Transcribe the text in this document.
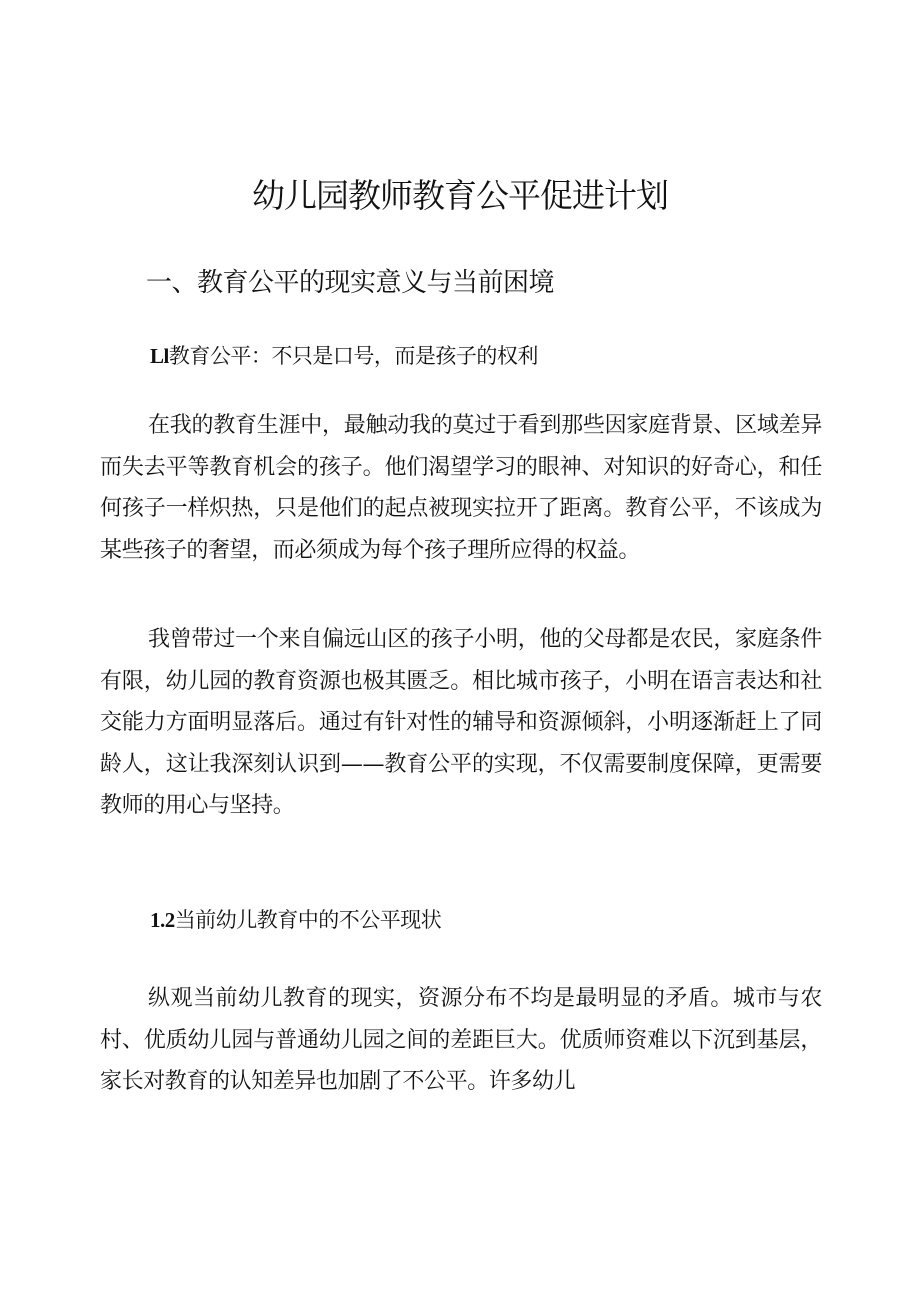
幼儿园教师教育公平促进计划
一、教育公平的现实意义与当前困境
Ll教育公平：不只是口号，而是孩子的权利

在我的教育生涯中，最触动我的莫过于看到那些因家庭背景、区域差异而失去平等教育机会的孩子。他们渴望学习的眼神、对知识的好奇心，和任何孩子一样炽热，只是他们的起点被现实拉开了距离。教育公平，不该成为某些孩子的奢望，而必须成为每个孩子理所应得的权益。

我曾带过一个来自偏远山区的孩子小明，他的父母都是农民，家庭条件有限，幼儿园的教育资源也极其匮乏。相比城市孩子，小明在语言表达和社交能力方面明显落后。通过有针对性的辅导和资源倾斜，小明逐渐赶上了同龄人，这让我深刻认识到——教育公平的实现，不仅需要制度保障，更需要教师的用心与坚持。

1.2当前幼儿教育中的不公平现状

纵观当前幼儿教育的现实，资源分布不均是最明显的矛盾。城市与农村、优质幼儿园与普通幼儿园之间的差距巨大。优质师资难以下沉到基层，家长对教育的认知差异也加剧了不公平。许多幼儿
